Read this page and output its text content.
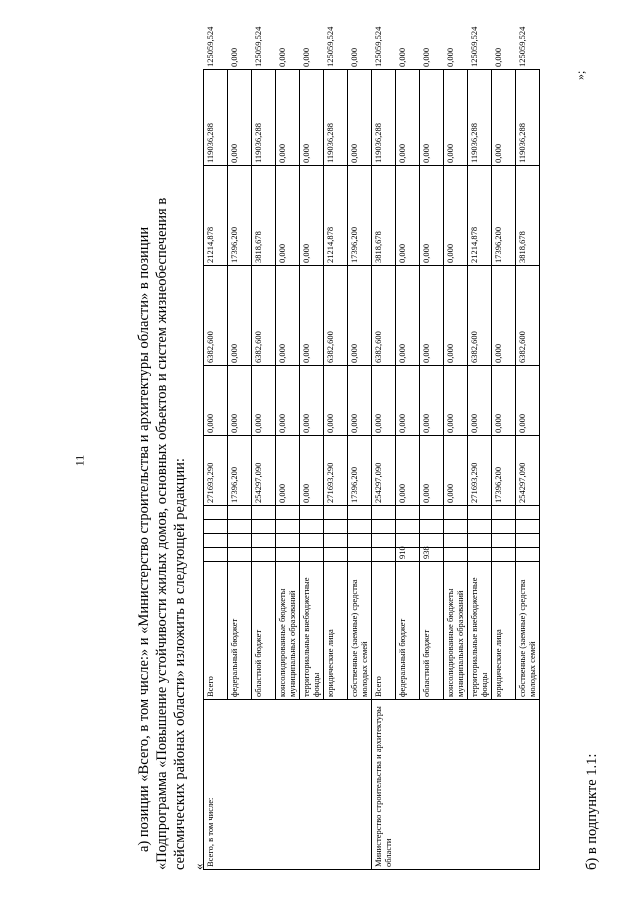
11	а) позиции «Всего, в том числе:» и «Министерство строительства и архитектуры области» в позиции «Подпрограмма «Повышение устойчивости жилых домов, основных объектов и систем жизнеобеспечения в сейсмических районах области» изложить в следующей редакции: « Всего, в том числе:	Всего					271693,290	0,000	6382,600	21214,878	119036,288	125059,524
	федеральный бюджет					17396,200	0,000	0,000	17396,200	0,000	0,000
	областной бюджет					254297,090	0,000	6382,600	3818,678	119036,288	125059,524
	консолидированные бюджеты муниципальных образований					0,000	0,000	0,000	0,000	0,000	0,000
	территориальные внебюджетные фонды					0,000	0,000	0,000	0,000	0,000	0,000
	юридические лица					271693,290	0,000	6382,600	21214,878	119036,288	125059,524
	собственные (заемные) средства молодых семей					17396,200	0,000	0,000	17396,200	0,000	0,000
Министерство строительства и архитектуры области	Всего					254297,090	0,000	6382,600	3818,678	119036,288	125059,524
	федеральный бюджет	910				0,000	0,000	0,000	0,000	0,000	0,000
	областной бюджет	938				0,000	0,000	0,000	0,000	0,000	0,000
	консолидированные бюджеты муниципальных образований					0,000	0,000	0,000	0,000	0,000	0,000
	территориальные внебюджетные фонды					271693,290	0,000	6382,600	21214,878	119036,288	125059,524
	юридические лица					17396,200	0,000	0,000	17396,200	0,000	0,000
	собственные (заемные) средства молодых семей					254297,090	0,000	6382,600	3818,678	119036,288	125059,524
»;
б) в подпункте 1.1:
